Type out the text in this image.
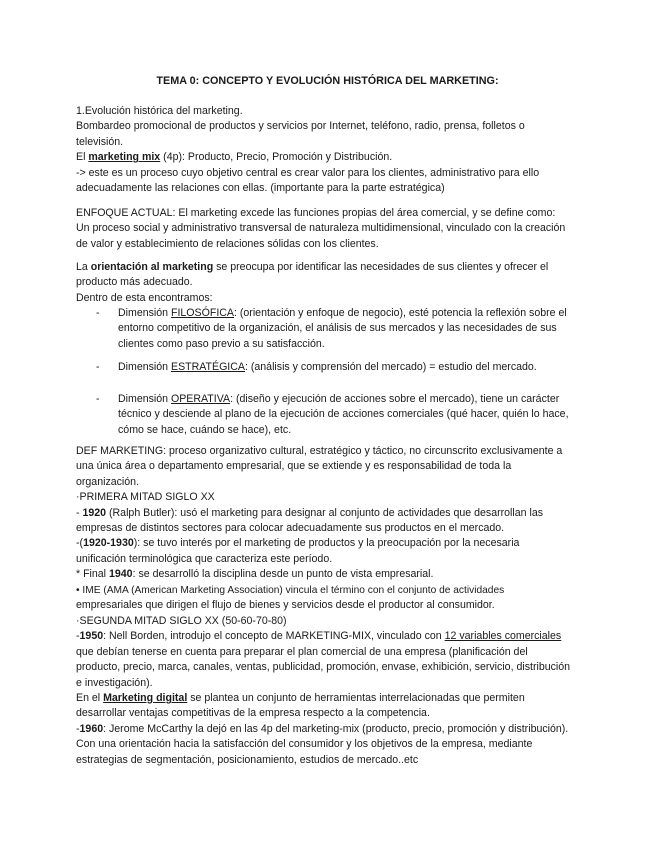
TEMA 0: CONCEPTO Y EVOLUCIÓN HISTÓRICA DEL MARKETING:
1.Evolución histórica del marketing.
Bombardeo promocional de productos y servicios por Internet, teléfono, radio, prensa, folletos o
televisión.
El marketing mix (4p): Producto, Precio, Promoción y Distribución.
-> este es un proceso cuyo objetivo central es crear valor para los clientes, administrativo para ello
adecuadamente las relaciones con ellas. (importante para la parte estratégica)
ENFOQUE ACTUAL: El marketing excede las funciones propias del área comercial, y se define como:
Un proceso social y administrativo transversal de naturaleza multidimensional, vinculado con la creación
de valor y establecimiento de relaciones sólidas con los clientes.
La orientación al marketing se preocupa por identificar las necesidades de sus clientes y ofrecer el
producto más adecuado.
Dentro de esta encontramos:
- Dimensión FILOSÓFICA: (orientación y enfoque de negocio), esté potencia la reflexión sobre el
entorno competitivo de la organización, el análisis de sus mercados y las necesidades de sus
clientes como paso previo a su satisfacción.
- Dimensión ESTRATÉGICA: (análisis y comprensión del mercado) = estudio del mercado.
- Dimensión OPERATIVA: (diseño y ejecución de acciones sobre el mercado), tiene un carácter
técnico y desciende al plano de la ejecución de acciones comerciales (qué hacer, quién lo hace,
cómo se hace, cuándo se hace), etc.
DEF MARKETING: proceso organizativo cultural, estratégico y táctico, no circunscrito exclusivamente a
una única área o departamento empresarial, que se extiende y es responsabilidad de toda la
organización.
·PRIMERA MITAD SIGLO XX
- 1920 (Ralph Butler): usó el marketing para designar al conjunto de actividades que desarrollan las
empresas de distintos sectores para colocar adecuadamente sus productos en el mercado.
-(1920-1930): se tuvo interés por el marketing de productos y la preocupación por la necesaria
unificación terminológica que caracteriza este período.
* Final 1940: se desarrolló la disciplina desde un punto de vista empresarial.
• IME (AMA (American Marketing Association) vincula el término con el conjunto de actividades
empresariales que dirigen el flujo de bienes y servicios desde el productor al consumidor.
·SEGUNDA MITAD SIGLO XX (50-60-70-80)
-1950: Nell Borden, introdujo el concepto de MARKETING-MIX, vinculado con 12 variables comerciales
que debían tenerse en cuenta para preparar el plan comercial de una empresa (planificación del
producto, precio, marca, canales, ventas, publicidad, promoción, envase, exhibición, servicio, distribución
e investigación).
En el Marketing digital se plantea un conjunto de herramientas interrelacionadas que permiten
desarrollar ventajas competitivas de la empresa respecto a la competencia.
-1960: Jerome McCarthy la dejó en las 4p del marketing-mix (producto, precio, promoción y distribución).
Con una orientación hacia la satisfacción del consumidor y los objetivos de la empresa, mediante
estrategias de segmentación, posicionamiento, estudios de mercado..etc
